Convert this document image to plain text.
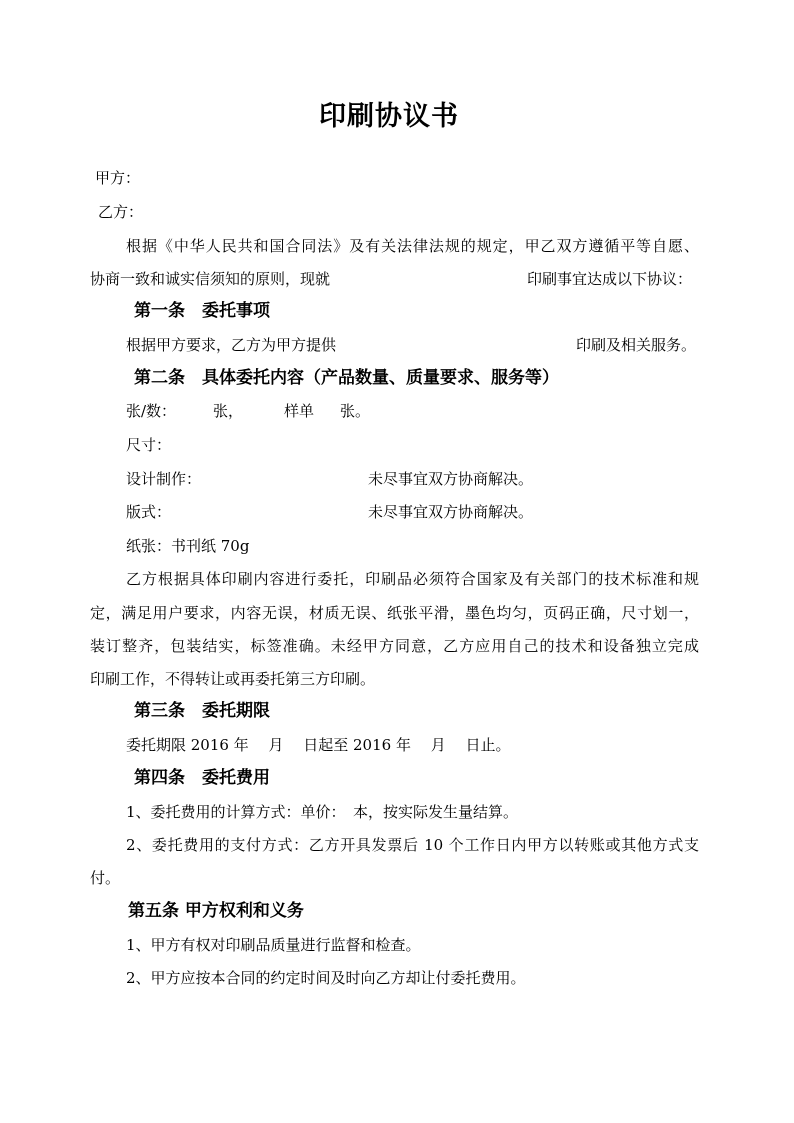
印刷协议书
甲方：
乙方：
根据《中华人民共和国合同法》及有关法律法规的规定，甲乙双方遵循平等自愿、
协商一致和诚实信须知的原则，现就	印刷事宜达成以下协议：
第一条　委托事项
根据甲方要求，乙方为甲方提供	印刷及相关服务。
第二条　具体委托内容（产品数量、质量要求、服务等）
张/数： 张，	样单 张。
尺寸：
设计制作：	未尽事宜双方协商解决。
版式：	未尽事宜双方协商解决。
纸张：书刊纸 70g
乙方根据具体印刷内容进行委托，印刷品必须符合国家及有关部门的技术标准和规
定，满足用户要求，内容无误，材质无误、纸张平滑，墨色均匀，页码正确，尺寸划一，
装订整齐，包装结实，标签准确。未经甲方同意，乙方应用自己的技术和设备独立完成
印刷工作，不得转让或再委托第三方印刷。
第三条　委托期限
委托期限 2016 年　 月　 日起至 2016 年　 月　 日止。
第四条　委托费用
1、委托费用的计算方式：单价：　本，按实际发生量结算。
2、委托费用的支付方式：乙方开具发票后 10 个工作日内甲方以转账或其他方式支
付。
第五条 甲方权利和义务
1、甲方有权对印刷品质量进行监督和检查。
2、甲方应按本合同的约定时间及时向乙方却让付委托费用。
